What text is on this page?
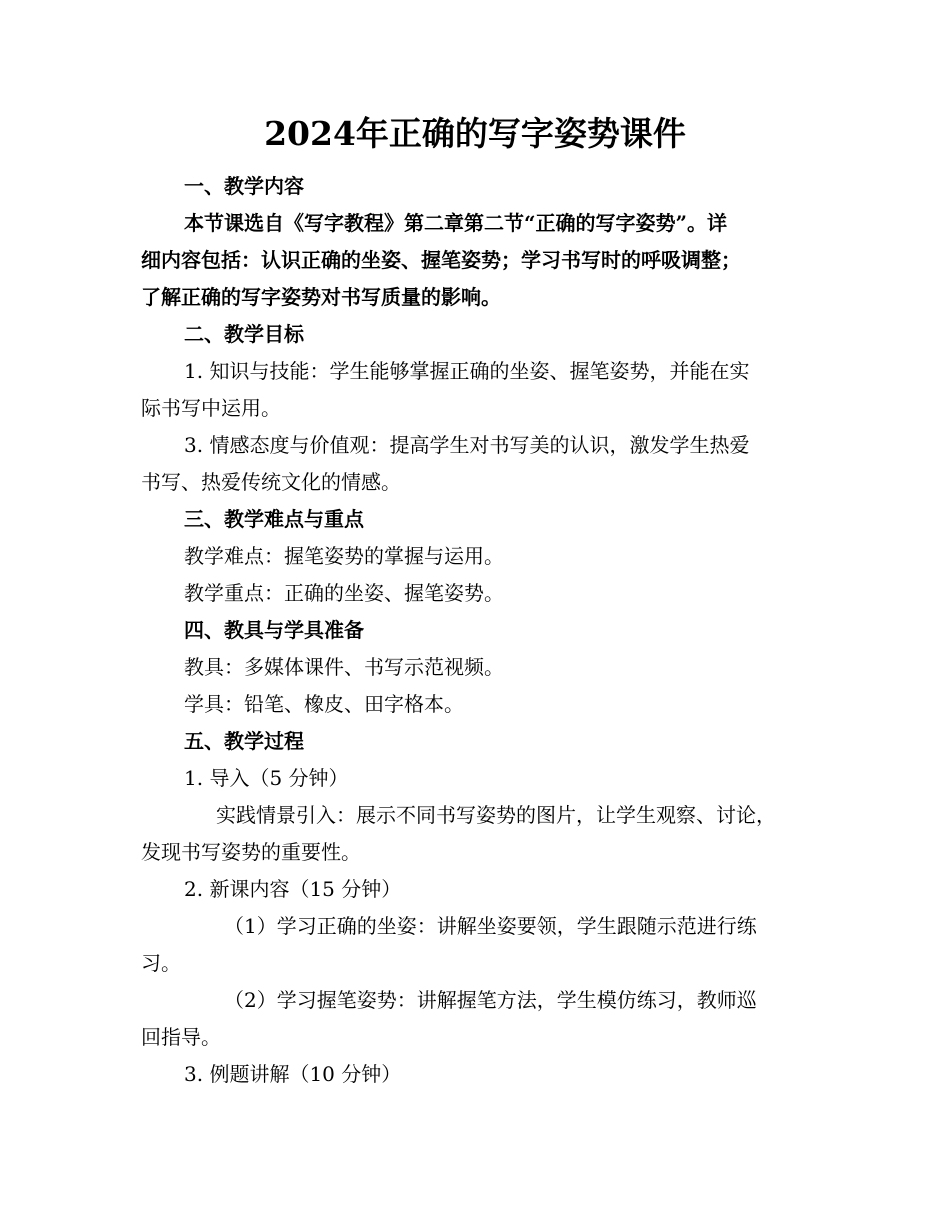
2024年正确的写字姿势课件

一、教学内容

本节课选自《写字教程》第二章第二节“正确的写字姿势”。详

细内容包括：认识正确的坐姿、握笔姿势；学习书写时的呼吸调整；

了解正确的写字姿势对书写质量的影响。

二、教学目标

1. 知识与技能：学生能够掌握正确的坐姿、握笔姿势，并能在实

际书写中运用。

3. 情感态度与价值观：提高学生对书写美的认识，激发学生热爱

书写、热爱传统文化的情感。

三、教学难点与重点

教学难点：握笔姿势的掌握与运用。

教学重点：正确的坐姿、握笔姿势。

四、教具与学具准备

教具：多媒体课件、书写示范视频。

学具：铅笔、橡皮、田字格本。

五、教学过程

1. 导入（5 分钟）

实践情景引入：展示不同书写姿势的图片，让学生观察、讨论，

发现书写姿势的重要性。

2. 新课内容（15 分钟）

（1）学习正确的坐姿：讲解坐姿要领，学生跟随示范进行练

习。

（2）学习握笔姿势：讲解握笔方法，学生模仿练习，教师巡

回指导。

3. 例题讲解（10 分钟）
